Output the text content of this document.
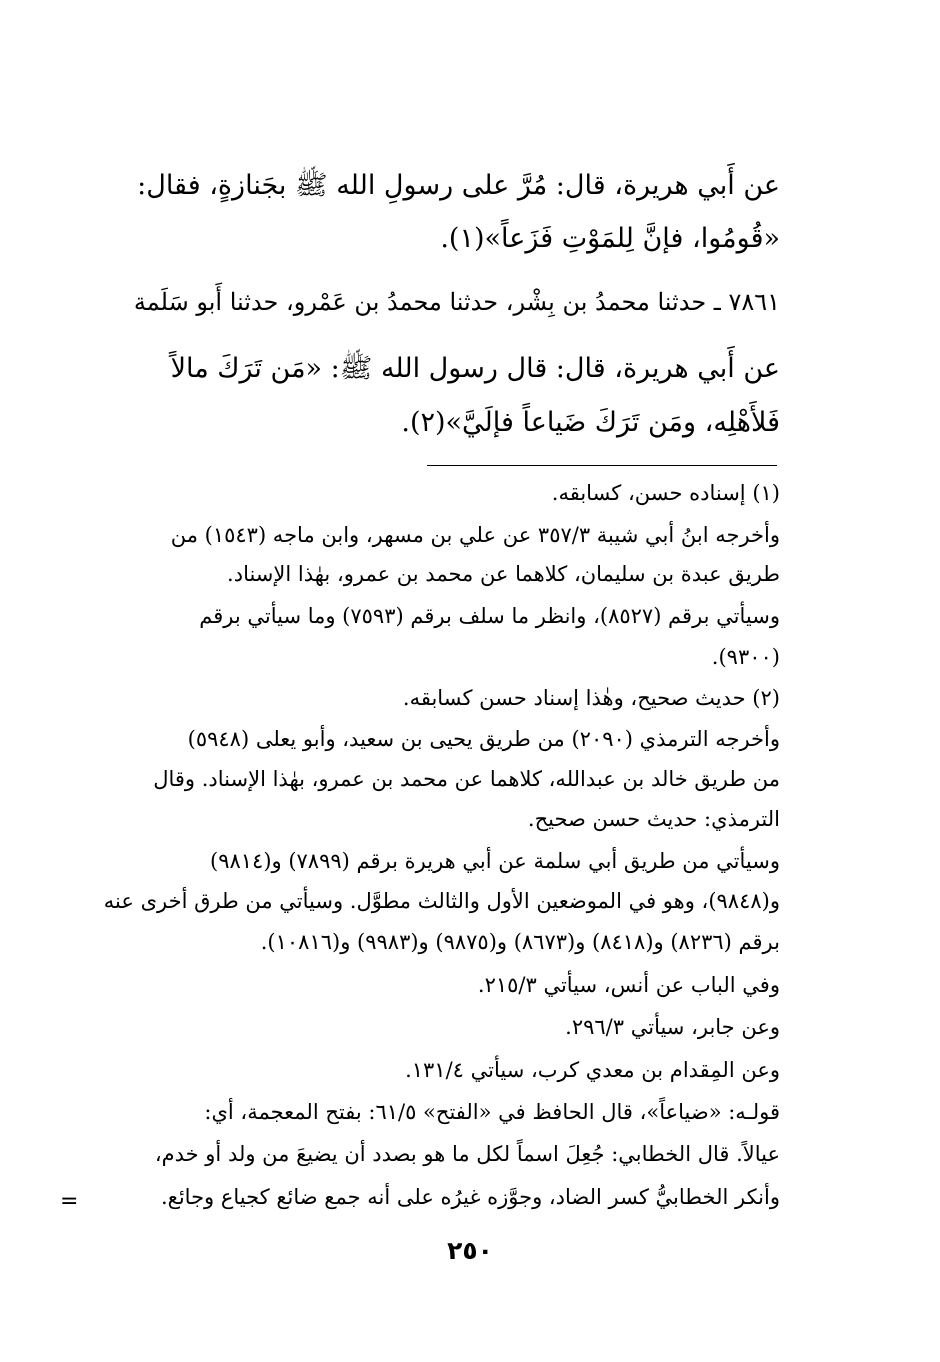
عن أَبي هريرة، قال: مُرَّ على رسولِ الله ﷺ بجَنازةٍ، فقال:
«قُومُوا، فإنَّ لِلمَوْتِ فَزَعاً»(١).
٧٨٦١ ـ حدثنا محمدُ بن بِشْر، حدثنا محمدُ بن عَمْرو، حدثنا أَبو سَلَمة
عن أَبي هريرة، قال: قال رسول الله ﷺ: «مَن تَرَكَ مالاً
فَلأَهْلِه، ومَن تَرَكَ ضَياعاً فإلَيَّ»(٢).
(١) إسناده حسن، كسابقه.
وأخرجه ابنُ أبي شيبة ٣٥٧/٣ عن علي بن مسهر، وابن ماجه (١٥٤٣) من
طريق عبدة بن سليمان، كلاهما عن محمد بن عمرو، بهٰذا الإسناد.
وسيأتي برقم (٨٥٢٧)، وانظر ما سلف برقم (٧٥٩٣) وما سيأتي برقم
(٩٣٠٠).
(٢) حديث صحيح، وهٰذا إسناد حسن كسابقه.
وأخرجه الترمذي (٢٠٩٠) من طريق يحيى بن سعيد، وأبو يعلى (٥٩٤٨)
من طريق خالد بن عبدالله، كلاهما عن محمد بن عمرو، بهٰذا الإسناد. وقال
الترمذي: حديث حسن صحيح.
وسيأتي من طريق أبي سلمة عن أبي هريرة برقم (٧٨٩٩) و(٩٨١٤)
و(٩٨٤٨)، وهو في الموضعين الأول والثالث مطوَّل. وسيأتي من طرق أخرى عنه
برقم (٨٢٣٦) و(٨٤١٨) و(٨٦٧٣) و(٩٨٧٥) و(٩٩٨٣) و(١٠٨١٦).
وفي الباب عن أنس، سيأتي ٢١٥/٣.
وعن جابر، سيأتي ٢٩٦/٣.
وعن المِقدام بن معدي كرب، سيأتي ١٣١/٤.
قولـه: «ضياعاً»، قال الحافظ في «الفتح» ٦١/٥: بفتح المعجمة، أي:
عيالاً. قال الخطابي: جُعِلَ اسماً لكل ما هو بصدد أن يضيعَ من ولد أو خدم،
وأنكر الخطابيُّ كسر الضاد، وجوَّزه غيرُه على أنه جمع ضائع كجياع وجائع.
=
٢٥٠
